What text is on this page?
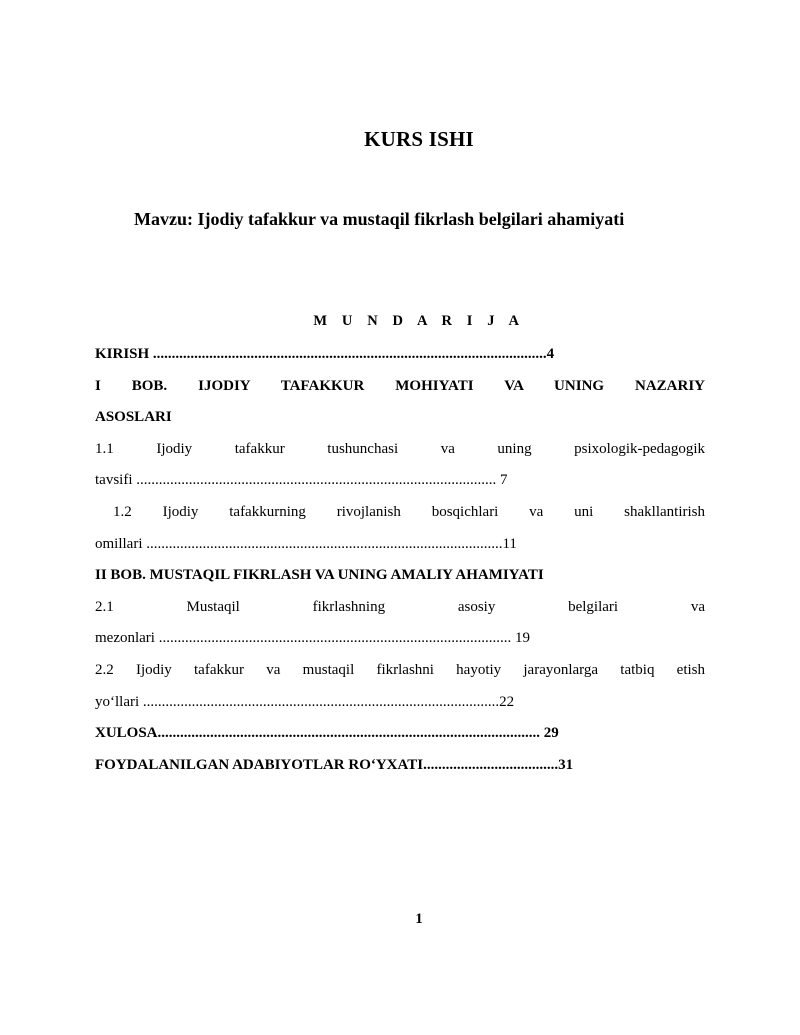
KURS ISHI
Mavzu: Ijodiy tafakkur va mustaqil fikrlash belgilari ahamiyati
M U N D A R I J A
KIRISH .........................................................................................................4
I BOB. IJODIY TAFAKKUR MOHIYATI VA UNING NAZARIY
ASOSLARI
1.1 Ijodiy tafakkur tushunchasi va uning psixologik-pedagogik
tavsifi ................................................................................................ 7
1.2 Ijodiy tafakkurning rivojlanish bosqichlari va uni shakllantirish
omillari ...............................................................................................11
II BOB. MUSTAQIL FIKRLASH VA UNING AMALIY AHAMIYATI
2.1 Mustaqil fikrlashning asosiy belgilari va
mezonlari .............................................................................................. 19
2.2 Ijodiy tafakkur va mustaqil fikrlashni hayotiy jarayonlarga tatbiq etish
yo‘llari ...............................................................................................22
XULOSA...................................................................................................... 29
FOYDALANILGAN ADABIYOTLAR RO‘YXATI....................................31
1
